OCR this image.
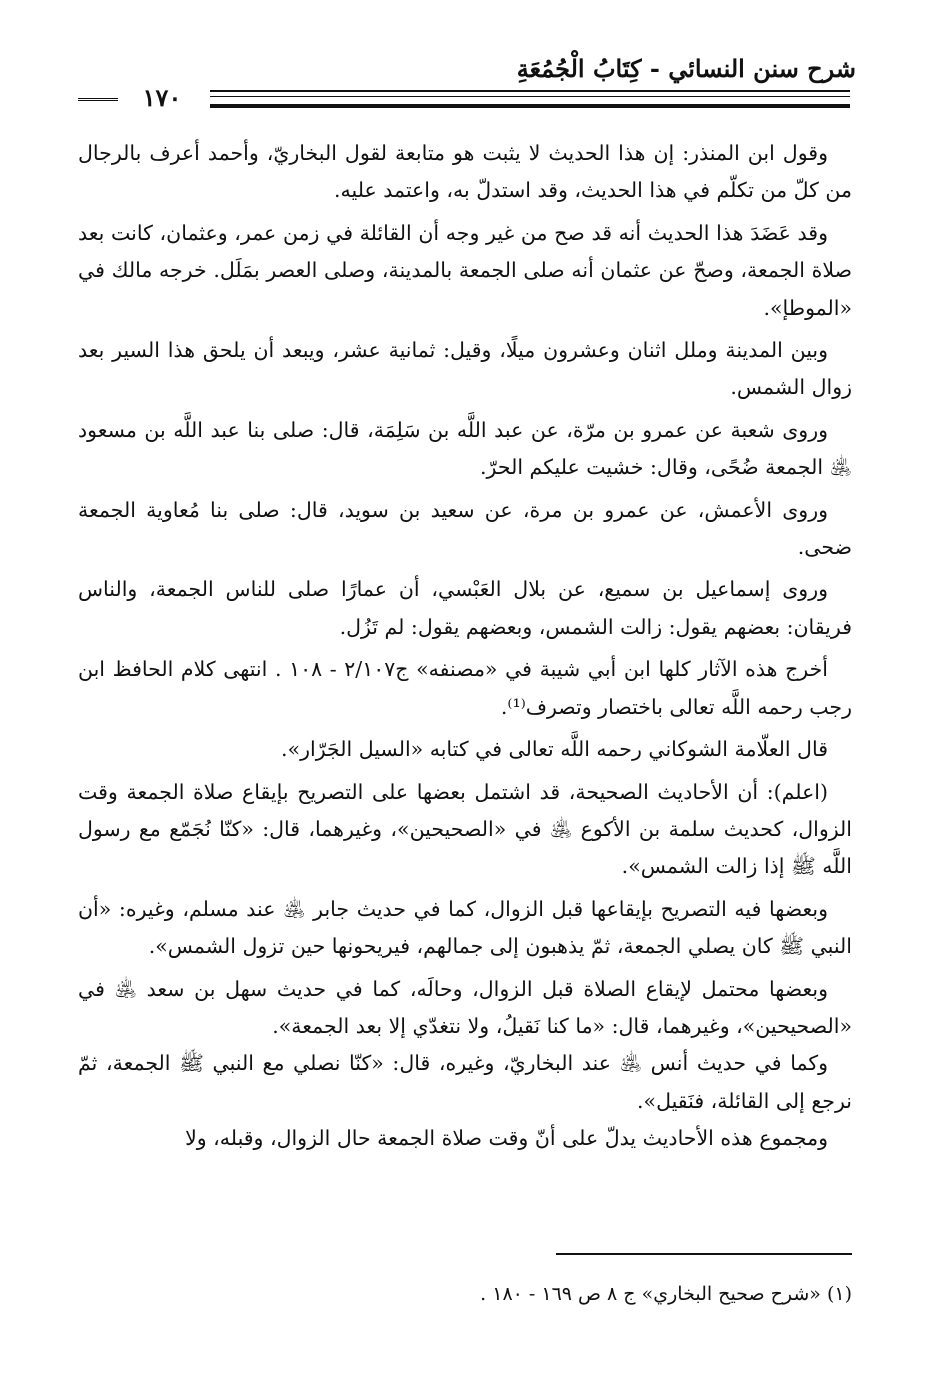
شرح سنن النسائي - كِتَابُ الْجُمُعَةِ
١٧٠

وقول ابن المنذر: إن هذا الحديث لا يثبت هو متابعة لقول البخاريّ، وأحمد أعرف بالرجال من كلّ من تكلّم في هذا الحديث، وقد استدلّ به، واعتمد عليه.

وقد عَضَدَ هذا الحديث أنه قد صح من غير وجه أن القائلة في زمن عمر، وعثمان، كانت بعد صلاة الجمعة، وصحّ عن عثمان أنه صلى الجمعة بالمدينة، وصلى العصر بمَلَل. خرجه مالك في «الموطإ».

وبين المدينة وملل اثنان وعشرون ميلًا، وقيل: ثمانية عشر، ويبعد أن يلحق هذا السير بعد زوال الشمس.

وروى شعبة عن عمرو بن مرّة، عن عبد اللَّه بن سَلِمَة، قال: صلى بنا عبد اللَّه بن مسعود ﵁ الجمعة ضُحًى، وقال: خشيت عليكم الحرّ.

وروى الأعمش، عن عمرو بن مرة، عن سعيد بن سويد، قال: صلى بنا مُعاوية الجمعة ضحى.

وروى إسماعيل بن سميع، عن بلال العَبْسي، أن عمارًا صلى للناس الجمعة، والناس فريقان: بعضهم يقول: زالت الشمس، وبعضهم يقول: لم تَزُل.

أخرج هذه الآثار كلها ابن أبي شيبة في «مصنفه» ج٢/١٠٧ - ١٠٨ . انتهى كلام الحافظ ابن رجب رحمه اللَّه تعالى باختصار وتصرف⁽¹⁾.

قال العلّامة الشوكاني رحمه اللَّه تعالى في كتابه «السيل الجَرّار».

(اعلم): أن الأحاديث الصحيحة، قد اشتمل بعضها على التصريح بإيقاع صلاة الجمعة وقت الزوال، كحديث سلمة بن الأكوع ﵁ في «الصحيحين»، وغيرهما، قال: «كنّا نُجَمّع مع رسول اللَّه ﷺ إذا زالت الشمس».

وبعضها فيه التصريح بإيقاعها قبل الزوال، كما في حديث جابر ﵁ عند مسلم، وغيره: «أن النبي ﷺ كان يصلي الجمعة، ثمّ يذهبون إلى جمالهم، فيريحونها حين تزول الشمس».

وبعضها محتمل لإيقاع الصلاة قبل الزوال، وحالَه، كما في حديث سهل بن سعد ﵁ في «الصحيحين»، وغيرهما، قال: «ما كنا نَقيلُ، ولا نتغدّي إلا بعد الجمعة».

وكما في حديث أنس ﵁ عند البخاريّ، وغيره، قال: «كنّا نصلي مع النبي ﷺ الجمعة، ثمّ نرجع إلى القائلة، فنَقيل».

ومجموع هذه الأحاديث يدلّ على أنّ وقت صلاة الجمعة حال الزوال، وقبله، ولا

(١) «شرح صحيح البخاري» ج ٨ ص ١٦٩ - ١٨٠ .
